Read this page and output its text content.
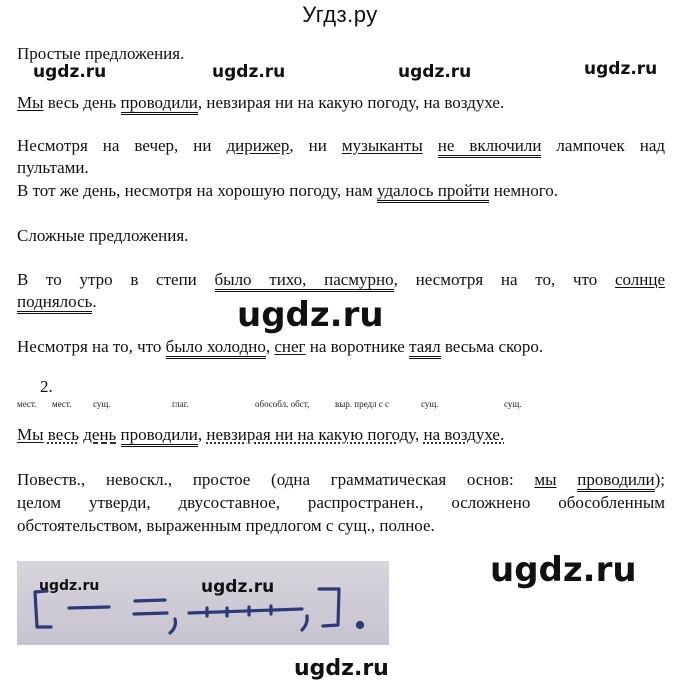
Угдз.ру
ugdz.ru	ugdz.ru	ugdz.ru	ugdz.ru
ugdz.ru
ugdz.ru
ugdz.ru
Простые предложения.
Мы весь день проводили, невзирая ни на какую погоду, на воздухе.
Несмотря на вечер, ни дирижер, ни музыканты не включили лампочек над
пультами.
В тот же день, несмотря на хорошую погоду, нам удалось пройти немного.
Сложные предложения.
В то утро в степи было тихо, пасмурно, несмотря на то, что солнце
поднялось.
Несмотря на то, что было холодно, снег на воротнике таял весьма скоро.
2.
мест. мест. сущ.	глаг.	обособл. обст,	выр. предл с с	сущ.	сущ.
Мы весь день проводили, невзирая ни на какую погоду, на воздухе.
Повеств., невоскл., простое (одна грамматическая основ: мы проводили);
целом утверди, двусоставное, распространен., осложнено обособленным
обстоятельством, выраженным предлогом с сущ., полное.
ugdz.ru	ugdz.ru
